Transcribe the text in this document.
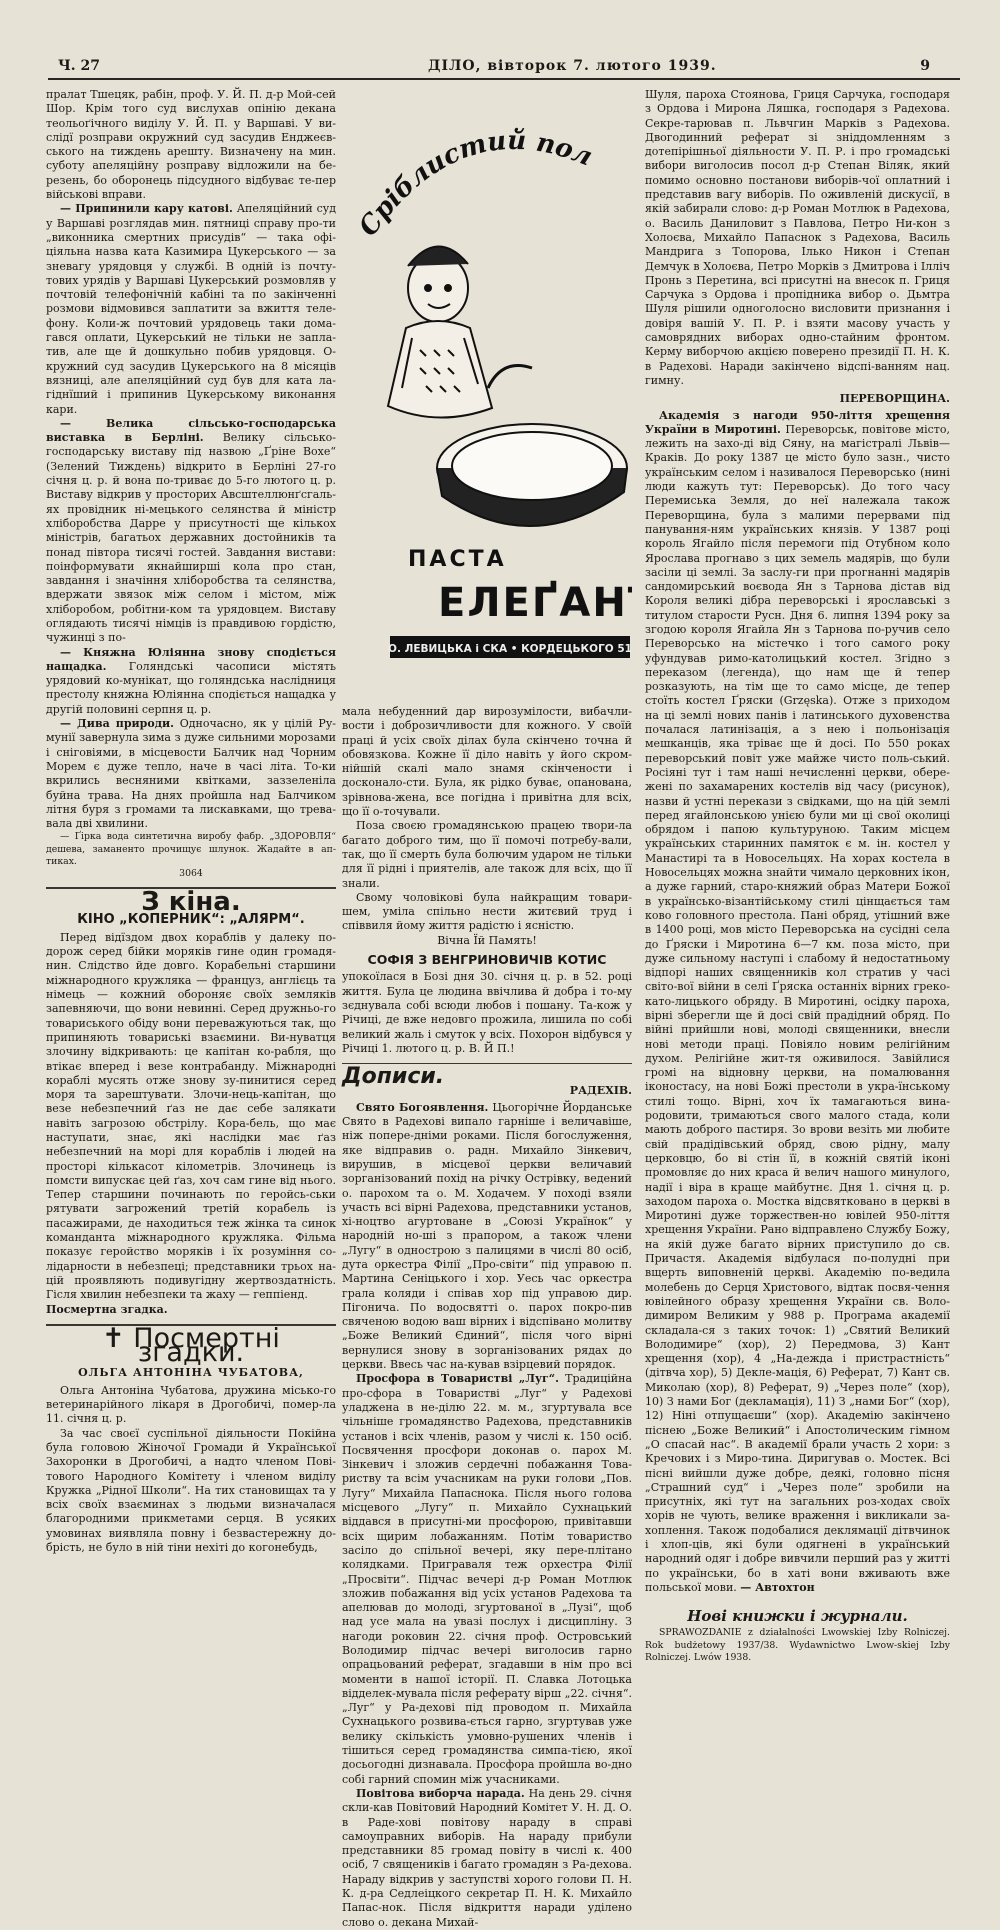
Ч. 27	ДІЛО, вівторок 7. лютого 1939.	9

пралат Тшецяк, рабін, проф. У. Й. П. д-р Мой-сей Шор. Крім того суд вислухав опінію декана теольоґічного виділу У. Й. П. у Варшаві. У ви-слідї розправи окружний суд засудив Енджеєв-ського на тиждень арешту. Визначену на мин. суботу апеляційну розправу відложили на бе-резень, бо оборонець підсудного відбуває те-пер військові вправи.

— Припинили кару катові. Апеляційний суд у Варшаві розглядав мин. пятниці справу про-ти „виконника смертних присудів“ — така офі-ціяльна назва ката Казимира Цукерського — за зневагу урядовця у службі. В одній із почту-тових урядів у Варшаві Цукерський розмовляв у почтовій телефонічній кабіні та по закінченні розмови відмовився заплатити за вжиття теле-фону. Коли-ж почтовий урядовець таки дома-гався оплати, Цукерський не тільки не запла-тив, але ще й дошкульно побив урядовця. О-кружний суд засудив Цукерського на 8 місяців вязниці, але апеляційний суд був для ката ла-гіднїший і припинив Цукерському виконання кари.

— Велика сільсько-господарська виставка в Берліні. Велику сільсько-господарську виставу під назвою „Ґріне Вохе“ (Зелений Тиждень) відкрито в Берліні 27-го січня ц. р. й вона по-триває до 5-го лютого ц. р. Виставу відкрив у просторих Авсштеллюнґсгаль-ях провідник ні-мецького селянства й міністр хліборобства Дарре у присутності ще кількох міністрів, багатьох державних достойників та понад півтора тисячі гостей. Завдання вистави: поінформувати якнайширші кола про стан, завдання і значіння хліборобства та селянства, вдержати звязок між селом і містом, між хліборобом, робітни-ком та урядовцем. Виставу оглядають тисячі німців із правдивою гордістю, чужинці з по-

— Княжна Юліянна знову сподіється нащадка. Голяндські часописи містять урядовий ко-мунікат, що голяндська наслідниця престолу княжна Юліянна сподіється нащадка у другій половині серпня ц. р.

— Дива природи. Одночасно, як у цілій Ру-мунії завернула зима з дуже сильними морозами і сніговіями, в місцевости Балчик над Чорним Морем є дуже тепло, наче в часі літа. То-ки вкрились весняними квітками, заззеленіла буйна трава. На днях пройшла над Балчиком літня буря з громами та лискавками, що трева-вала дві хвилини.

— Ґірка вода синтетична виробу фабр. „ЗДОРОВЛЯ“ дешева, заманенто прочищує шлунок. Жадайте в ап-тиках.

3064
З кіна.
КІНО „КОПЕРНИК“: „АЛЯРМ“.

Перед відїздом двох кораблів у далеку по-дорож серед бійки моряків гине один громадя-нин. Слідство йде довго. Корабельні старшини міжнародного кружляка — француз, англієць та німець — кожний обороняє своїх земляків запевняючи, що вони невинні. Серед дружньо-го товариського обіду вони переважуються так, що припиняють товариські взаємини. Ви-нуватця злочину відкривають: це капітан ко-рабля, що втікає вперед і везе контрабанду. Міжнародні кораблі мусять отже знову зу-пинитися серед моря та зарештувати. Злочи-нець-капітан, що везе небезпечний ґаз не дає себе залякати навіть загрозою обстрілу. Кора-бель, що має наступати, знає, які наслідки має ґаз небезпечний на морі для кораблів і людей на просторі кількасот кілометрів. Злочинець із помсти випускає цей ґаз, хоч сам гине від нього. Тепер старшини починають по геройсь-ськи рятувати загрожений третій корабель із пасажирами, де находиться теж жінка та синок команданта міжнародного кружляка. Фільма показує геройство моряків і їх розуміння со-лідарности в небезпеці; представники трьох на-цій проявляють подивугідну жертвоздатність. Гісля хвилин небезпеки та жаху — геппіенд.

Посмертна згадка.
✝ Посмертні згадки.
ОЛЬГА АНТОНІНА ЧУБАТОВА,

Ольга Антоніна Чубатова, дружина місько-го ветеринарійного лікаря в Дрогобичі, помер-ла 11. січня ц. р.

За час своєї суспільної діяльности Покійна була головою Жіночої Громади й Української Захоронки в Дрогобичі, а надто членом Пові-тового Народного Комітету і членом виділу Кружка „Рідної Школи“. На тих становищах та у всіх своїх взаєминах з людьми визначалася благородними прикметами серця. В усяких умовинах виявляла повну і безвастережну до-брість, не було в ній тіни нехіті до когонебудь,

Сріблистий пол
ПАСТА
ЕЛЕҐАН
О. ЛЕВИЦЬКА і СКА • КОРДЕЦЬКОГО 51

мала небуденний дар вирозумілости, вибачли-вости і доброзичливости для кожного. У своїй праці й усіх своїх ділах була скінчено точна й обовязкова. Кожне її діло навіть у його скром-нійшій скалі мало знамя скінчености і досконало-сти. Була, як рідко буває, опанована, зрівнова-жена, все погідна і привітна для всіх, що її о-точували.

Поза своєю громадянською працею твори-ла багато доброго тим, що її помочі потребу-вали, так, що її смерть була болючим ударом не тільки для її рідні і приятелів, але також для всіх, що її знали.

Свому чоловікові була найкращим товари-шем, уміла спільно нести житєвий труд і співвиля йому життя радістю і ясністю.

Вічна Їй Память!
СОФІЯ З ВЕНГРИНОВИЧІВ КОТИС

упокоїлася в Бозі дня 30. січня ц. р. в 52. році життя. Була це людина ввічлива й добра і то-му зєднувала собі всюди любов і пошану. Та-кож у Річиці, де вже недовго прожила, лишила по собі великий жаль і смуток у всіх. Похорон відбувся у Річиці 1. лютого ц. р. В. Й П.!

Дописи.
РАДЕХІВ.

Свято Богоявлення. Цьогорічне Йорданське Свято в Радехові випало гарніше і величавіше, ніж попере-дніми роками. Після богослуження, яке відправив о. радн. Михайло Зінкевич, вирушив, в місцевої церкви величавий зорганізований похід на річку Острівку, ведений о. парохом та о. М. Ходачем. У поході взяли участь всі вірні Радехова, представники установ, хі-ноцтво агуртоване в „Союзі Українок“ у народній но-шi з прапором, а також члени „Лугу“ в однострою з палицями в числі 80 осіб, дута оркестра Філії „Про-світи“ під управою п. Мартина Сеніцького і хор. Уесь час оркестра грала коляди і співав хор під управою дир. Пігонича. По водосвятті о. парох покро-пив свяченою водою ваш вірних і відспівано молитву „Боже Великий Єдиний“, після чого вірні вернулися знову в зорганізованих рядах до церкви. Ввесь час на-кував взірцевий порядок.

Просфора в Товаристві „Луг“. Традиційна про-сфора в Товаристві „Луг“ у Радехові уладжена в не-ділю 22. м. м., згуртувала все чільніше громадянство Радехова, представників установ і всіх членів, разом у числі к. 150 осіб. Посвячення просфори доконав о. парох М. Зінкевич і зложив сердечні побажання Това-риству та всім учасникам на руки голови „Пов. Лугу“ Михайла Папаснока. Після нього голова місцевого „Лугу“ п. Михайло Сухнацький віддався в присутні-ми просфорою, привітавши всіх щирим лобажанням. Потім товариство засіло до спільної вечері, яку пере-плітано колядками. Приграваля теж орхестра Філії „Просвіти“. Підчас вечері д-р Роман Мотлюк зложив побажання від усіх установ Радехова та апелював до молоді, згуртованої в „Лузі“, щоб над усе мала на увазі послух і дисципліну. З нагоди роковин 22. січня проф. Островський Володимир підчас вечері виголосив гарно опрацьований реферат, згадавши в нім про всі моменти в нашої історії. П. Славка Лотоцька відделек-мувала після реферату вірш „22. січня“. „Луг“ у Ра-дехові під проводом п. Михайла Сухнацького розвива-ється гарно, згуртував уже велику скількість умовно-рушених членів і тішиться серед громадянства симпа-тією, якої досьогодні дизнавала. Просфора пройшла во-дно собі гарний спомин між учасниками.

Повітова виборча нарада. На день 29. січня скли-кав Повітовий Народний Комітет У. Н. Д. О. в Раде-хові повітову нараду в справі самоуправних виборів. На нараду прибули представники 85 громад повіту в числі к. 400 осіб, 7 священиків і багато громадян з Ра-дехова. Нараду відкрив у заступстві хорого голови П. Н. К. д-ра Седлеіцкого секретар П. Н. К. Михайло Папас-нок. Після відкриття наради уділено слово о. декана Михай-

Шуля, пароха Стоянова, Гриця Сарчука, господаря з Ордова і Мирона Ляшка, господаря з Радехова. Секре-тарював п. Львчгин Марків з Радехова. Двогодинний реферат зі зніддомленням з дотепірішньої діяльности У. П. Р. і про громадські вибори виголосив посол д-р Степан Віляк, який помимо основно постанови виборів-чої оплатний і представив вагу виборів. По оживленій дискусії, в якій забирали слово: д-р Роман Мотлюк в Радехова, о. Василь Даниловит з Павлова, Петро Ни-кон з Холоєва, Михайло Папаснок з Радехова, Василь Мандрига з Топорова, Ілько Никон і Степан Демчук в Холоєва, Петро Морків з Дмитрова і Ілліч Пронь з Перетина, всі присутні на внесок п. Гриця Сарчука з Ордова і пропідника вибор о. Дьмтра Шуля рішили одноголосно висловити признання і довіря вашій У. П. Р. і взяти масову участь у самоврядних виборах одно-стайним фронтом. Керму виборчою акцією поверено президії П. Н. К. в Радехові. Наради закінчено відспі-ванням нац. гимну.

ПЕРЕВОРЩИНА.

Академія з нагоди 950-ліття хрещення України в Миротині. Переворськ, повітове місто, лежить на захо-ді від Сяну, на магістралі Львів—Краків. До року 1387 це місто було зазн., чисто українським селом і називалося Переворсько (нині люди кажуть тут: Переворськ). До того часу Перемиська Земля, до неї належала також Переворщина, була з малими перервами під панування-ням українських князів. У 1387 році король Ягайло після перемоги під Отубном коло Ярослава прогнаво з цих земель мадярів, що були засіли ці землі. За заслу-ги при прогнанні мадярів сандомирський воєвода Ян з Тарнова дістав від Короля великі дібра переворські і ярославські з титулом старости Русн. Дня 6. липня 1394 року за згодою короля Ягайла Ян з Тарнова по-ручив селo Переворсько на містечко і того самого року уфундував римо-католицький костел. Згідно з переказом (легенда), що нам ще й тепер розказують, на тім ще то само місце, де тепер стоїть костел Ґряски (Grzęska). Отже з приходом на ці землі нових панів і латинського духовенства почалася латинізація, а з нею і польонізація мешканців, яка тріває ще й досі. По 550 роках переворський повіт уже майже чисто поль-ський. Росіяні тут і там наші нечисленні церкви, обере-жені по захамарених костелів від часу (рисунок), назви й устні перекази з свідками, що на цій землі перед ягайлонською унією були ми ці свої околиці обрядом і папою культуруною. Таким місцем українських старинних памяток є м. ін. костел у Манастирі та в Новосельцях. На хорах костела в Новосельцях можна знайти чимало церковних ікон, а дуже гарний, старо-княжий образ Матери Божої в українсько-візантійському стилі цінщається там ково головного престола. Пані обряд, утішний вже в 1400 році, мов місто Переворська на сусідні села до Ґряски і Миротина 6—7 км. поза місто, при дуже сильному наступі і слабому й недостатньому відпорі наших священників кол стратив у часі світо-вої війни в селі Ґряска останніх вірних греко-като-лицького обряду. В Миротині, осідку пароха, вірні зберегли ще й досі свій прадідний обряд. По війні прийшли нові, молоді священники, внесли нові методи праці. Повіяло новим релігійним духом. Релігійне жит-тя оживилося. Завійлися громі на відновну церкви, на помалювання іконостасу, на нові Божі престоли в укра-їнському стилі тощо. Вірні, хоч їх тамагаються вина-родовити, тримаються свого малого стада, коли мають доброго пастиря. Зо врови везіть ми любите свій прадідівський обряд, свою рідну, малу церковцю, бо ві стін її, в кожній святій іконі промовляє до них краса й велич нашого минулого, надії і віра в краще майбутнє. Дня 1. січня ц. р. заходом пароха о. Мостка відсвятковано в церкві в Миротині дуже торжествен-но ювілей 950-ліття хрещення України. Рано відправлено Службу Божу, на якій дуже багато вірних приступило до св. Причастя. Академія відбулася по-полудні при вщерть виповненій церкві. Академію по-ведила молебень до Серця Христового, відтак посвя-чення ювілейного образу хрещення України св. Воло-димиром Великим у 988 р. Програма академії складала-ся з таких точок: 1) „Святий Великий Володимире“ (хор), 2) Передмова, 3) Кант хрещення (хор), 4 „На-дежда і пристрастність“ (дітвча хор), 5) Декле-мація, 6) Реферат, 7) Кант св. Миколаю (хор), 8) Реферат, 9) „Через поле“ (хор), 10) З нами Бог (декламація), 11) З „нами Бог“ (хор), 12) Ніні отпущаєши“ (хор). Академію закінчено піснею „Боже Великий“ і Апостолическим гімном „О спасай нас“. В академії брали участь 2 хори: з Кречових і з Миро-тина. Диригував о. Мостек. Всі пісні вийшли дуже добре, деякі, головно пісня „Страшний суд“ і „Через поле“ зробили на присутніх, які тут на загальних роз-ходах своїх хорів не чують, велике враження і викликали за-хоплення. Також подобалися деклямації дітвчинок і хлоп-ців, які були одягнені в український народний одяг і добре вивчили перший раз у житті по українськи, бо в хаті вони вживають вже польської мови. — Автохтон

Нові книжки і журнали.

SPRAWOZDANIE z działalności Lwowskiej Izby Rolniczej. Rok budżetowy 1937/38. Wydawnictwo Lwow-skiej Izby Rolniczej. Lwów 1938.
